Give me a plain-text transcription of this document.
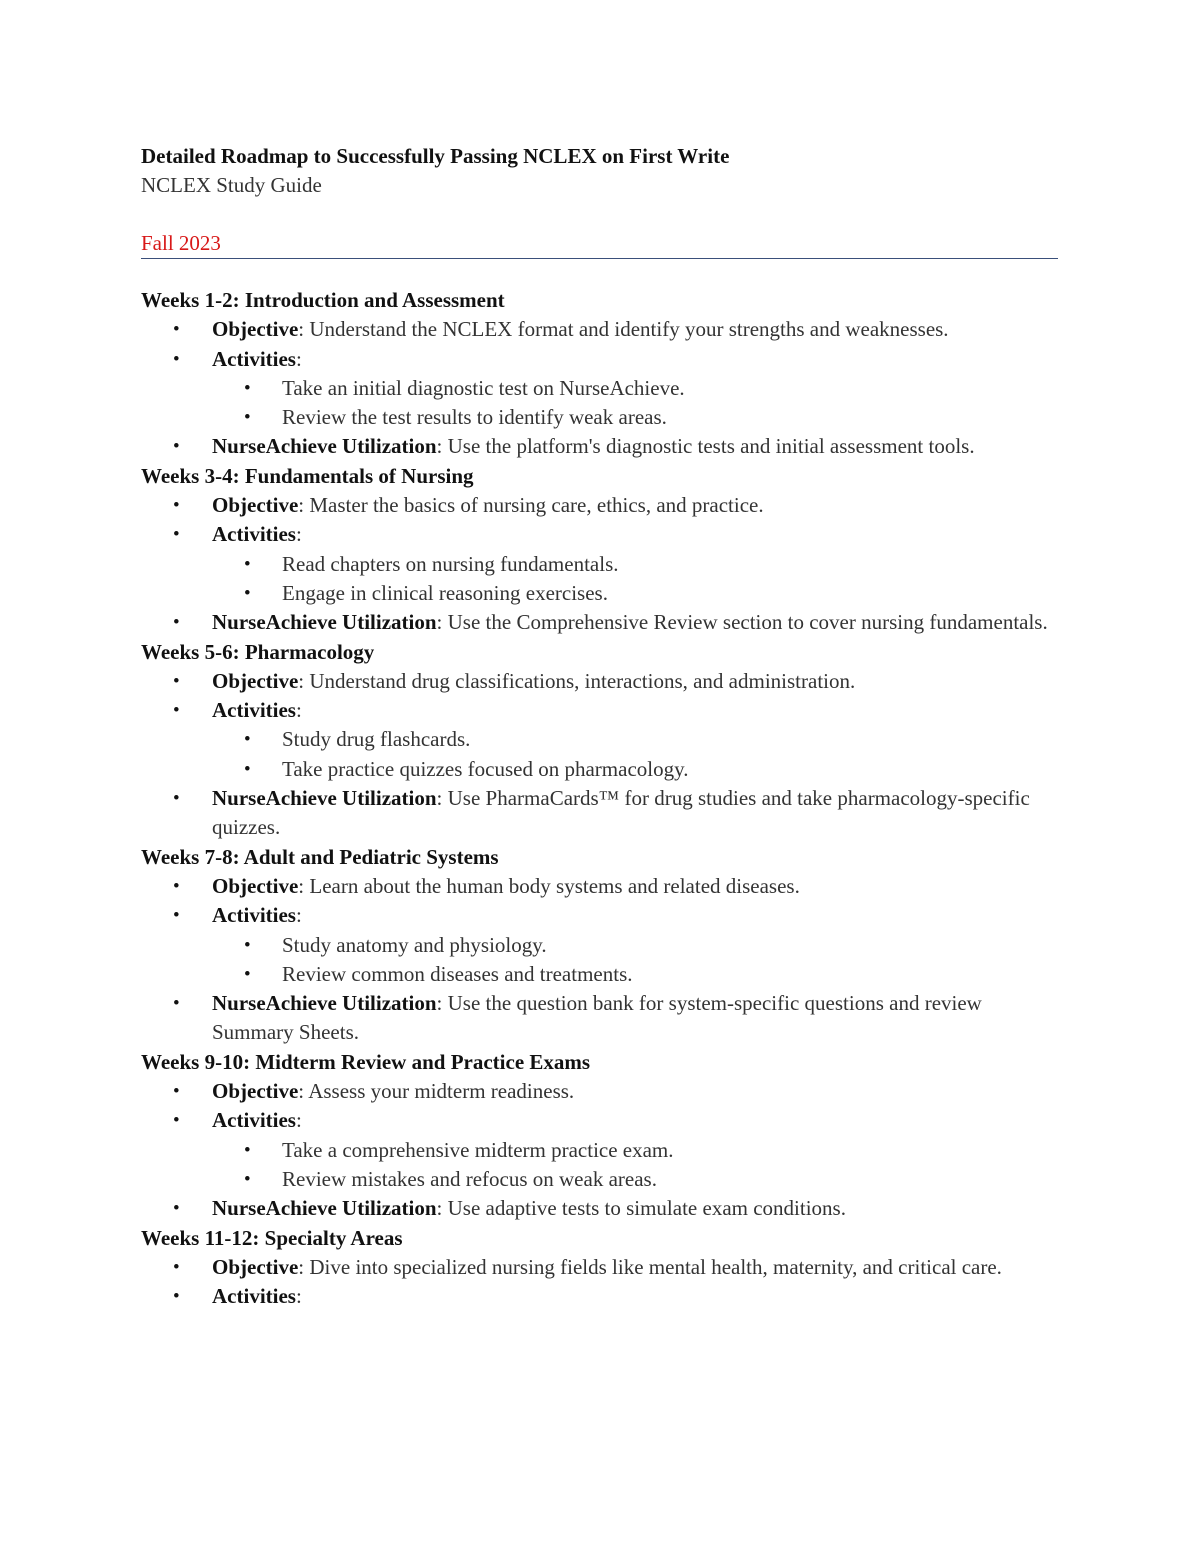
Detailed Roadmap to Successfully Passing NCLEX on First Write
NCLEX Study Guide
Fall 2023
Weeks 1-2: Introduction and Assessment
• Objective: Understand the NCLEX format and identify your strengths and weaknesses.
• Activities:
• Take an initial diagnostic test on NurseAchieve.
• Review the test results to identify weak areas.
• NurseAchieve Utilization: Use the platform's diagnostic tests and initial assessment tools.
Weeks 3-4: Fundamentals of Nursing
• Objective: Master the basics of nursing care, ethics, and practice.
• Activities:
• Read chapters on nursing fundamentals.
• Engage in clinical reasoning exercises.
• NurseAchieve Utilization: Use the Comprehensive Review section to cover nursing fundamentals.
Weeks 5-6: Pharmacology
• Objective: Understand drug classifications, interactions, and administration.
• Activities:
• Study drug flashcards.
• Take practice quizzes focused on pharmacology.
• NurseAchieve Utilization: Use PharmaCards™ for drug studies and take pharmacology-specific quizzes.
Weeks 7-8: Adult and Pediatric Systems
• Objective: Learn about the human body systems and related diseases.
• Activities:
• Study anatomy and physiology.
• Review common diseases and treatments.
• NurseAchieve Utilization: Use the question bank for system-specific questions and review Summary Sheets.
Weeks 9-10: Midterm Review and Practice Exams
• Objective: Assess your midterm readiness.
• Activities:
• Take a comprehensive midterm practice exam.
• Review mistakes and refocus on weak areas.
• NurseAchieve Utilization: Use adaptive tests to simulate exam conditions.
Weeks 11-12: Specialty Areas
• Objective: Dive into specialized nursing fields like mental health, maternity, and critical care.
• Activities:
